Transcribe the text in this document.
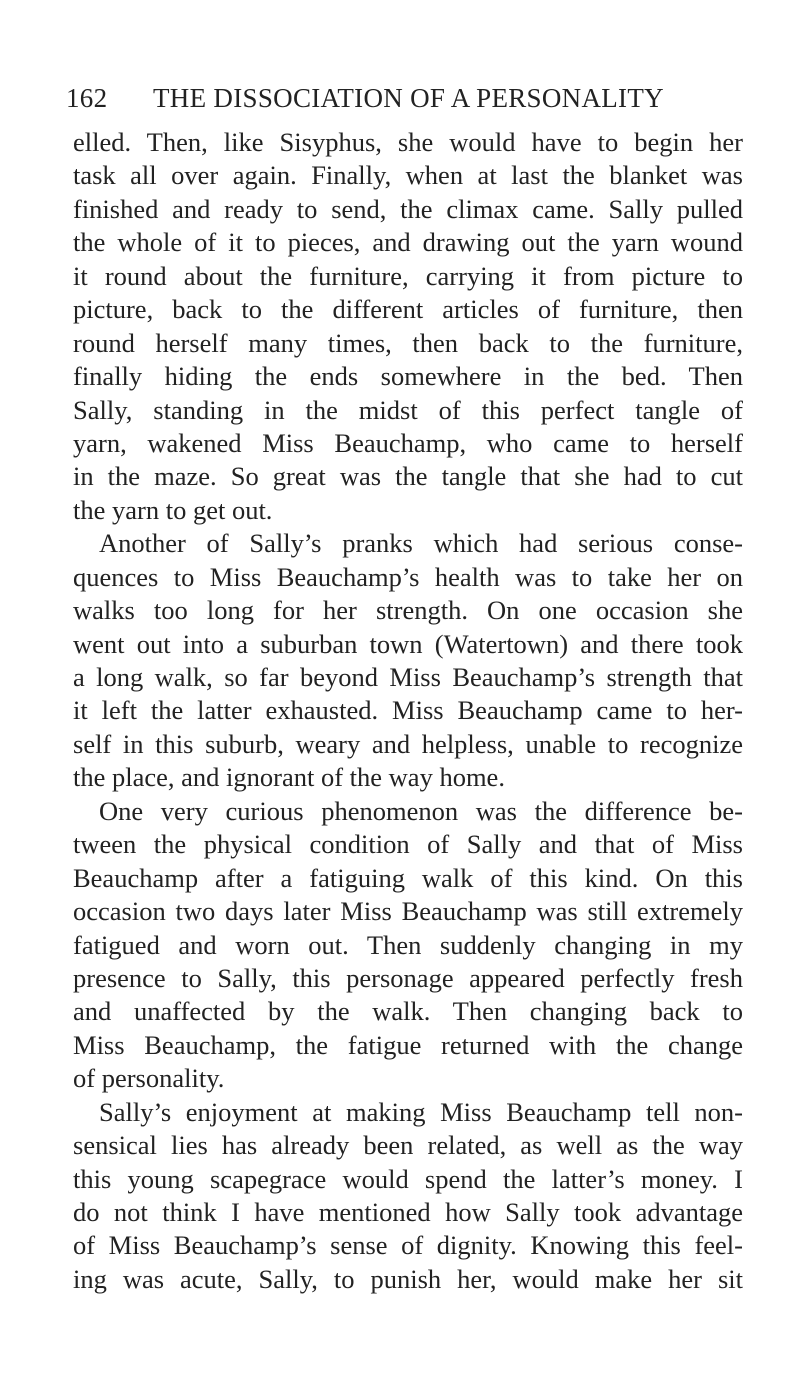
162 THE DISSOCIATION OF A PERSONALITY
elled. Then, like Sisyphus, she would have to begin her
task all over again. Finally, when at last the blanket was
finished and ready to send, the climax came. Sally pulled
the whole of it to pieces, and drawing out the yarn wound
it round about the furniture, carrying it from picture to
picture, back to the different articles of furniture, then
round herself many times, then back to the furniture,
finally hiding the ends somewhere in the bed. Then
Sally, standing in the midst of this perfect tangle of
yarn, wakened Miss Beauchamp, who came to herself
in the maze. So great was the tangle that she had to cut
the yarn to get out.
Another of Sally’s pranks which had serious conse-
quences to Miss Beauchamp’s health was to take her on
walks too long for her strength. On one occasion she
went out into a suburban town (Watertown) and there took
a long walk, so far beyond Miss Beauchamp’s strength that
it left the latter exhausted. Miss Beauchamp came to her-
self in this suburb, weary and helpless, unable to recognize
the place, and ignorant of the way home.
One very curious phenomenon was the difference be-
tween the physical condition of Sally and that of Miss
Beauchamp after a fatiguing walk of this kind. On this
occasion two days later Miss Beauchamp was still extremely
fatigued and worn out. Then suddenly changing in my
presence to Sally, this personage appeared perfectly fresh
and unaffected by the walk. Then changing back to
Miss Beauchamp, the fatigue returned with the change
of personality.
Sally’s enjoyment at making Miss Beauchamp tell non-
sensical lies has already been related, as well as the way
this young scapegrace would spend the latter’s money. I
do not think I have mentioned how Sally took advantage
of Miss Beauchamp’s sense of dignity. Knowing this feel-
ing was acute, Sally, to punish her, would make her sit
